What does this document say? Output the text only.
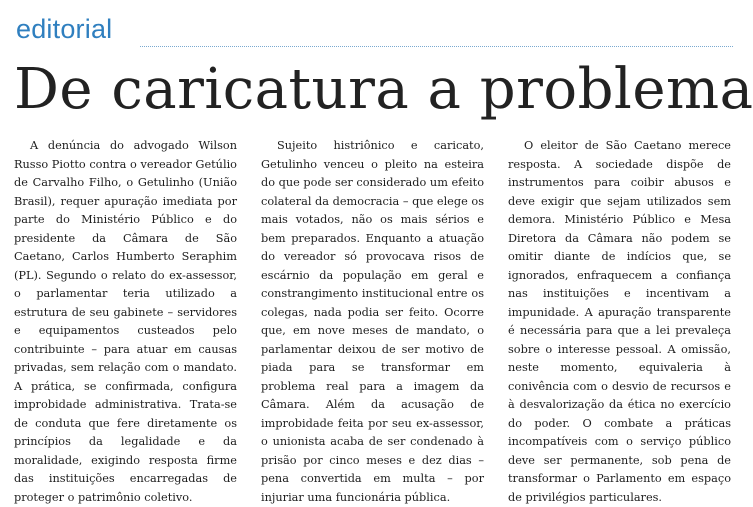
editorial
De caricatura a problema

A denúncia do advogado Wilson Russo Piotto contra o vereador Getúlio de Carvalho Filho, o Getulinho (União Brasil), requer apuração imediata por parte do Ministério Público e do presidente da Câmara de São Caetano, Carlos Humberto Seraphim (PL). Segundo o relato do ex-assessor, o parlamentar teria utilizado a estrutura de seu gabinete – servidores e equipamentos custeados pelo contribuinte – para atuar em causas privadas, sem relação com o mandato. A prática, se confirmada, configura improbidade administrativa. Trata-se de conduta que fere diretamente os princípios da legalidade e da moralidade, exigindo resposta firme das instituições encarregadas de proteger o patrimônio coletivo.

Sujeito histriônico e caricato, Getulinho venceu o pleito na esteira do que pode ser considerado um efeito colateral da democracia – que elege os mais votados, não os mais sérios e bem preparados. Enquanto a atuação do vereador só provocava risos de escárnio da população em geral e constrangimento institucional entre os colegas, nada podia ser feito. Ocorre que, em nove meses de mandato, o parlamentar deixou de ser motivo de piada para se transformar em problema real para a imagem da Câmara. Além da acusação de improbidade feita por seu ex-assessor, o unionista acaba de ser condenado à prisão por cinco meses e dez dias – pena convertida em multa – por injuriar uma funcionária pública.

O eleitor de São Caetano merece resposta. A sociedade dispõe de instrumentos para coibir abusos e deve exigir que sejam utilizados sem demora. Ministério Público e Mesa Diretora da Câmara não podem se omitir diante de indícios que, se ignorados, enfraquecem a confiança nas instituições e incentivam a impunidade. A apuração transparente é necessária para que a lei prevaleça sobre o interesse pessoal. A omissão, neste momento, equivaleria à conivência com o desvio de recursos e à desvalorização da ética no exercício do poder. O combate a práticas incompatíveis com o serviço público deve ser permanente, sob pena de transformar o Parlamento em espaço de privilégios particulares.
